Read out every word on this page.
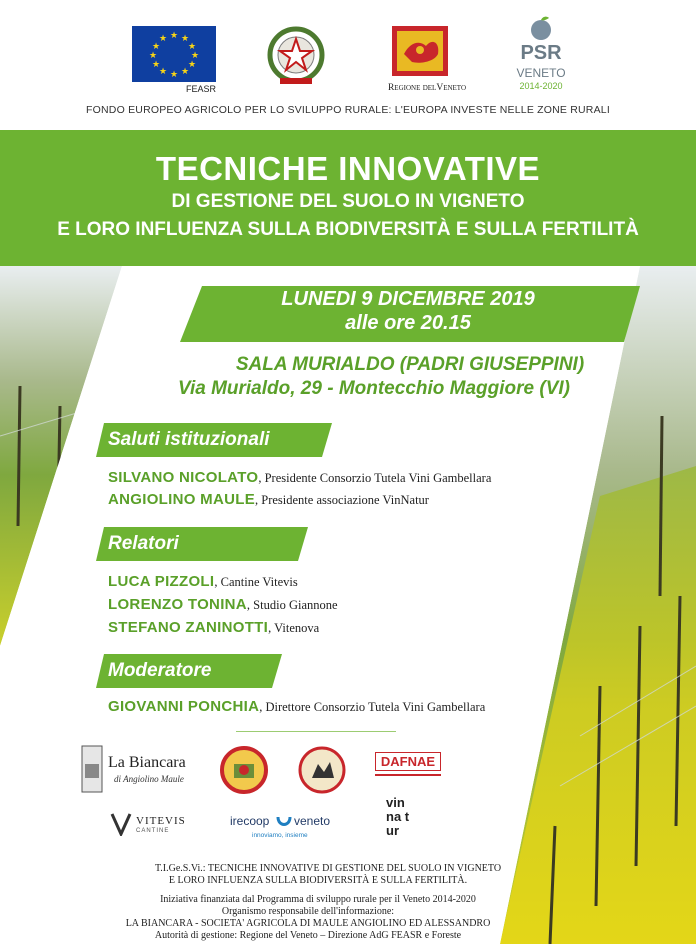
★ ★
★
★
★
★
★
★
★
★
★
★
FEASR	Regione delVeneto
PSR
VENETO
2014-2020
FONDO EUROPEO AGRICOLO PER LO SVILUPPO RURALE: L'EUROPA INVESTE NELLE ZONE RURALI
TECNICHE INNOVATIVE
DI GESTIONE DEL SUOLO IN VIGNETO
E LORO INFLUENZA SULLA BIODIVERSITÀ E SULLA FERTILITÀ
LUNEDI 9 DICEMBRE 2019
alle ore 20.15
SALA MURIALDO (PADRI GIUSEPPINI)
Via Murialdo, 29 - Montecchio Maggiore (VI)
Saluti istituzionali
SILVANO NICOLATO, Presidente Consorzio Tutela Vini Gambellara
ANGIOLINO MAULE, Presidente associazione VinNatur
Relatori
LUCA PIZZOLI, Cantine Vitevis
LORENZO TONINA, Studio Giannone
STEFANO ZANINOTTI, Vitenova
Moderatore
GIOVANNI PONCHIA, Direttore Consorzio Tutela Vini Gambellara
La Biancara
di Angiolino Maule
DAFNAE
VITEVIS
CANTINE
irecoop veneto
innoviamo, insieme
vin na tur
T.I.Ge.S.Vi.: TECNICHE INNOVATIVE DI GESTIONE DEL SUOLO IN VIGNETO
E LORO INFLUENZA SULLA BIODIVERSITÀ E SULLA FERTILITÀ.
Iniziativa finanziata dal Programma di sviluppo rurale per il Veneto 2014-2020
Organismo responsabile dell'informazione:
LA BIANCARA - SOCIETA' AGRICOLA DI MAULE ANGIOLINO ED ALESSANDRO
Autorità di gestione: Regione del Veneto – Direzione AdG FEASR e Foreste
